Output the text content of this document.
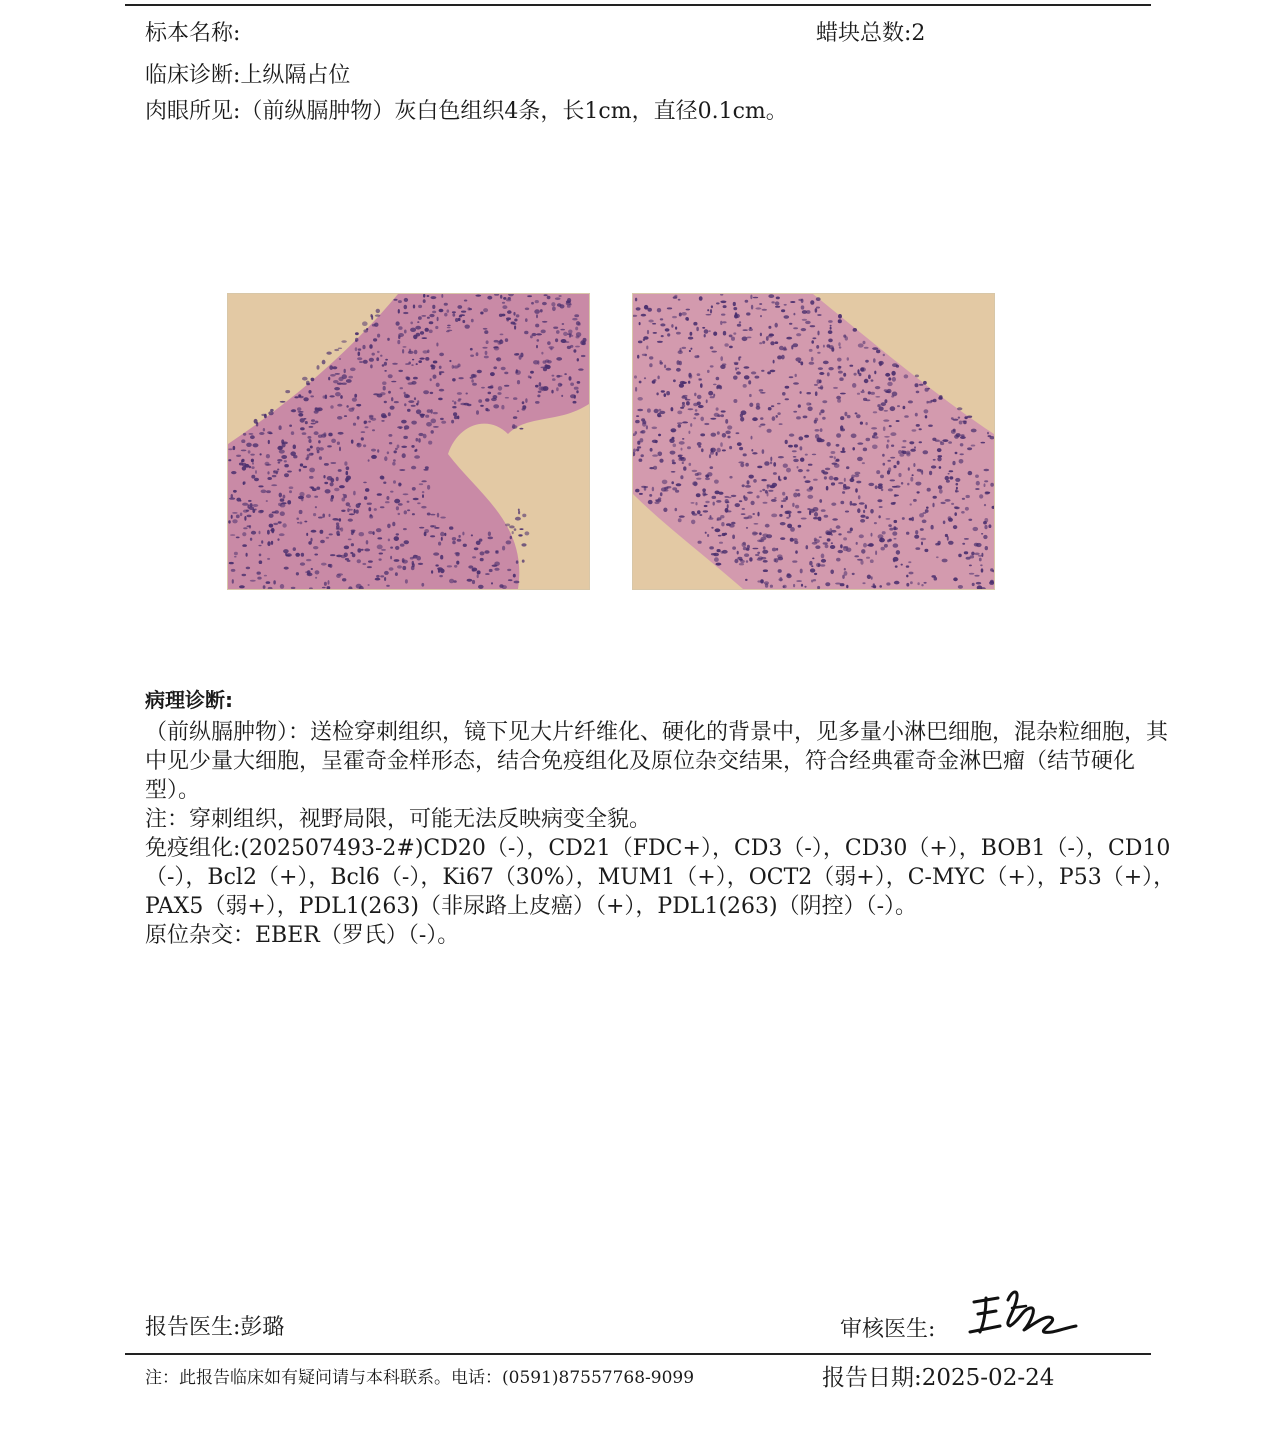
标本名称:	蜡块总数:2
临床诊断:上纵隔占位
肉眼所见:（前纵膈肿物）灰白色组织4条，长1cm，直径0.1cm。
病理诊断:

（前纵膈肿物）：送检穿刺组织，镜下见大片纤维化、硬化的背景中，见多量小淋巴细胞，混杂粒细胞，其中见少量大细胞，呈霍奇金样形态，结合免疫组化及原位杂交结果，符合经典霍奇金淋巴瘤（结节硬化型）。

注：穿刺组织，视野局限，可能无法反映病变全貌。

免疫组化:(202507493-2#)CD20（-），CD21（FDC+），CD3（-），CD30（+），BOB1（-），CD10（-），Bcl2（+），Bcl6（-），Ki67（30%），MUM1（+），OCT2（弱+），C-MYC（+），P53（+），PAX5（弱+），PDL1(263)（非尿路上皮癌）（+），PDL1(263)（阴控）（-）。

原位杂交：EBER（罗氏）（-）。

报告医生:彭璐	审核医生:
注：此报告临床如有疑问请与本科联系。电话：(0591)87557768-9099	报告日期:2025-02-24
